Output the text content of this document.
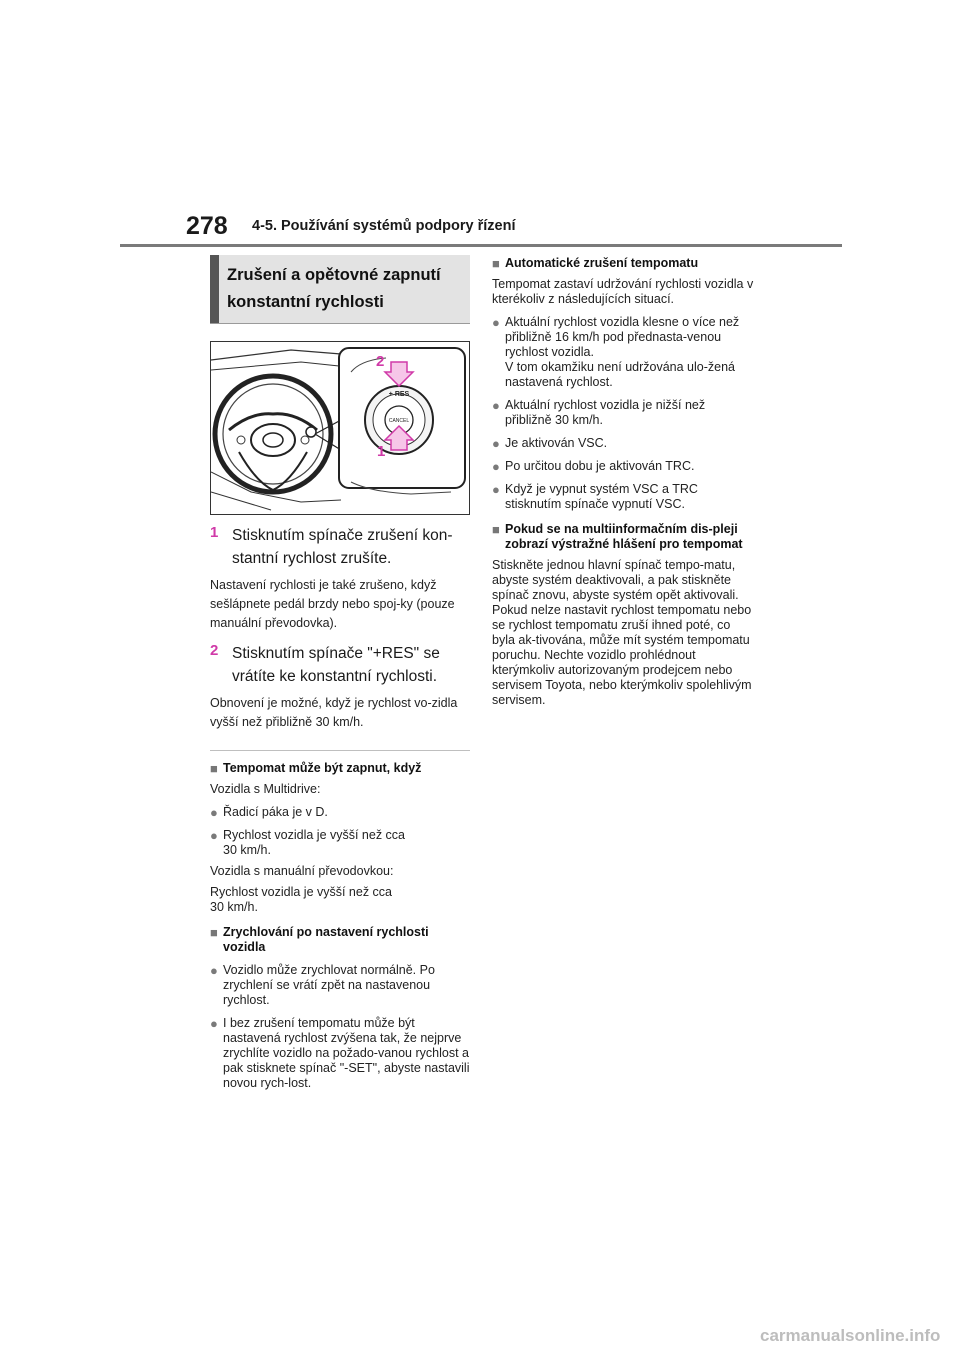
278 4-5. Používání systémů podpory řízení
Zrušení a opětovné zapnutí
konstantní rychlosti
+ RES
CANCEL
2
1
1 Stisknutím spínače zrušení kon-
stantní rychlost zrušíte.
Nastavení rychlosti je také zrušeno, když sešlápnete pedál brzdy nebo spoj-ky (pouze manuální převodovka).
2 Stisknutím spínače "+RES" se vrátíte ke konstantní rychlosti.
Obnovení je možné, když je rychlost vo-zidla vyšší než přibližně 30 km/h.
■ Tempomat může být zapnut, když
Vozidla s Multidrive:
● Řadicí páka je v D.
● Rychlost vozidla je vyšší než cca
30 km/h.
Vozidla s manuální převodovkou:
Rychlost vozidla je vyšší než cca
30 km/h.
■ Zrychlování po nastavení rychlosti vozidla
● Vozidlo může zrychlovat normálně. Po zrychlení se vrátí zpět na nastavenou rychlost.
● I bez zrušení tempomatu může být nastavená rychlost zvýšena tak, že nejprve zrychlíte vozidlo na požado-vanou rychlost a pak stisknete spínač "-SET", abyste nastavili novou rych-lost.
■ Automatické zrušení tempomatu
Tempomat zastaví udržování rychlosti vozidla v kterékoliv z následujících situací.
● Aktuální rychlost vozidla klesne o více než přibližně 16 km/h pod přednasta-venou rychlost vozidla.
V tom okamžiku není udržována ulo-žená nastavená rychlost.
● Aktuální rychlost vozidla je nižší než přibližně 30 km/h.
● Je aktivován VSC.
● Po určitou dobu je aktivován TRC.
● Když je vypnut systém VSC a TRC stisknutím spínače vypnutí VSC.
■ Pokud se na multiinformačním dis-pleji zobrazí výstražné hlášení pro tempomat
Stiskněte jednou hlavní spínač tempo-matu, abyste systém deaktivovali, a pak stiskněte spínač znovu, abyste systém opět aktivovali. Pokud nelze nastavit rychlost tempomatu nebo se rychlost tempomatu zruší ihned poté, co byla ak-tivována, může mít systém tempomatu poruchu. Nechte vozidlo prohlédnout kterýmkoliv autorizovaným prodejcem nebo servisem Toyota, nebo kterýmkoliv spolehlivým servisem.
carmanualsonline.info
